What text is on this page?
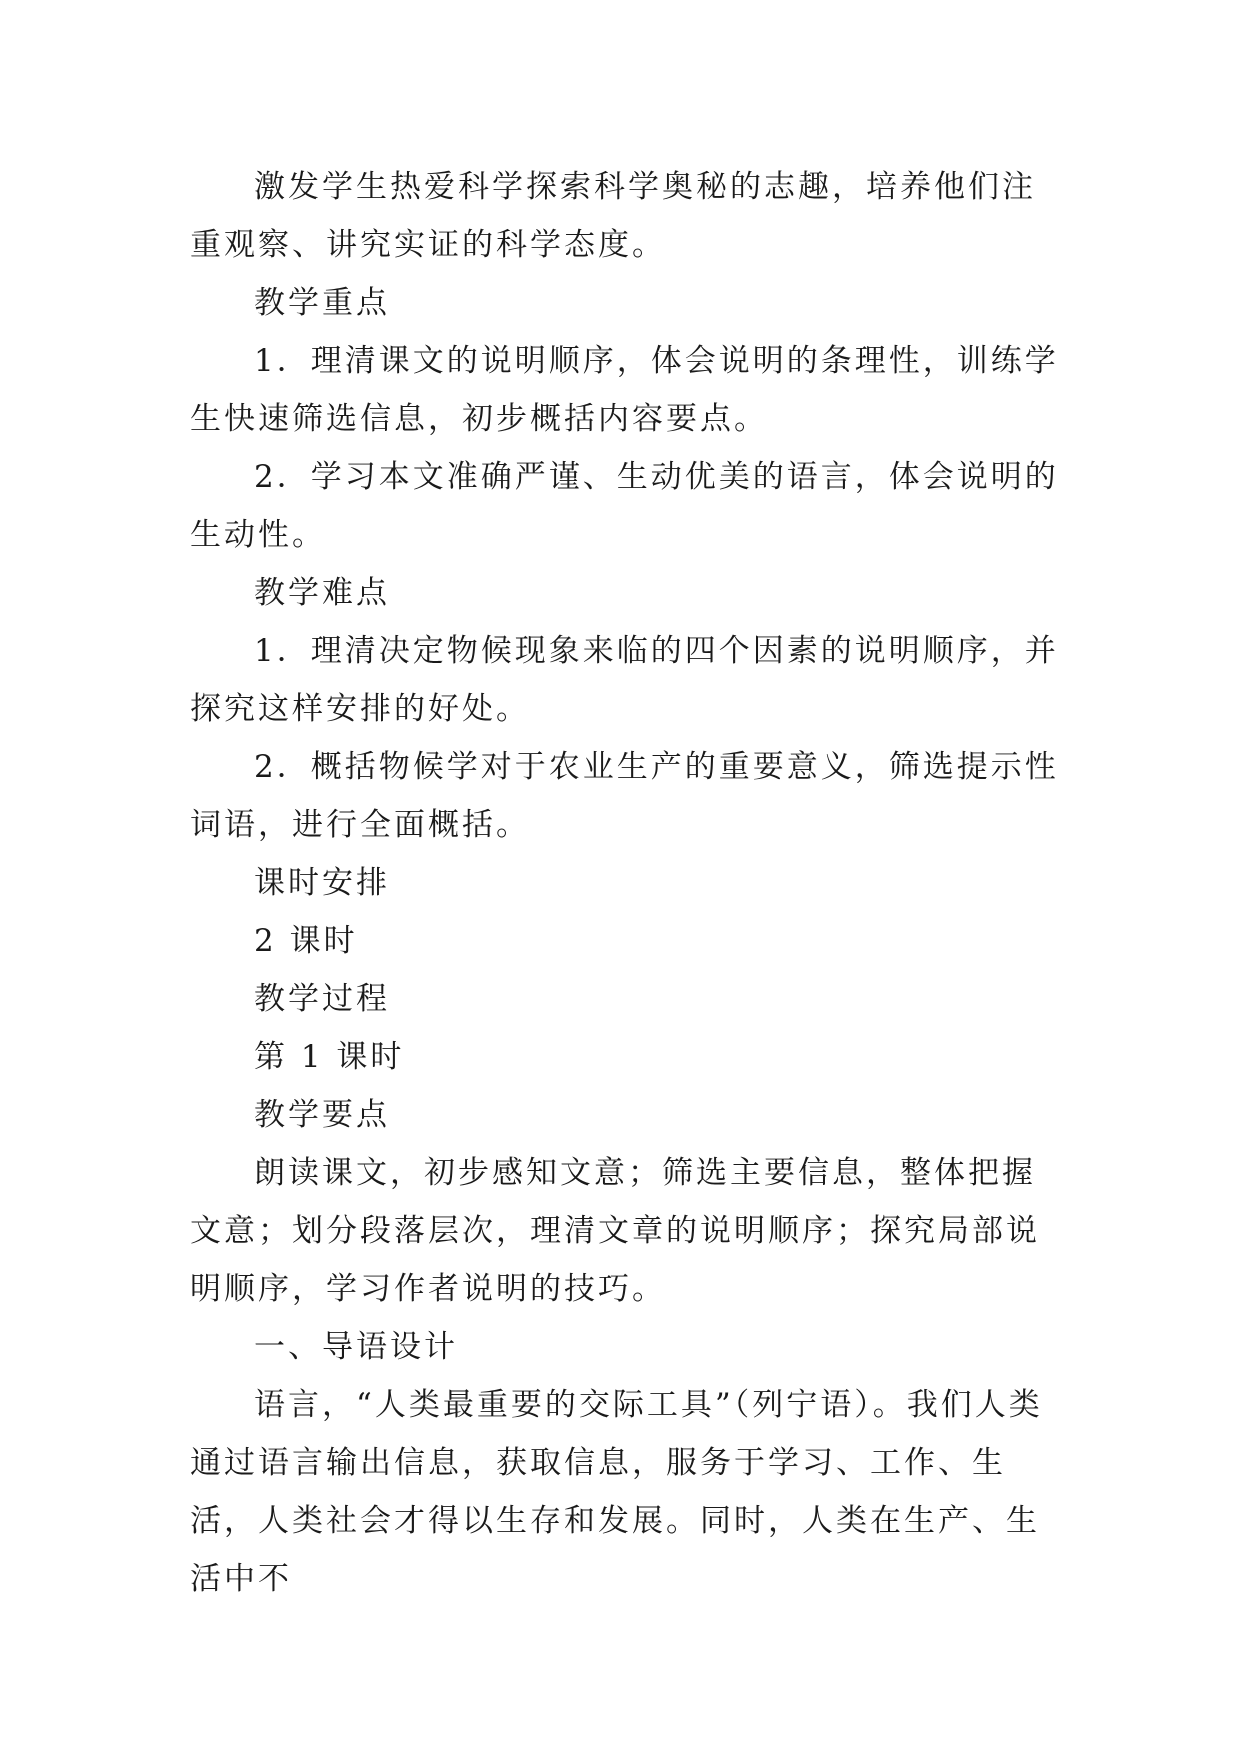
激发学生热爱科学探索科学奥秘的志趣，培养他们注重观察、讲究实证的科学态度。

教学重点

1．理清课文的说明顺序，体会说明的条理性，训练学生快速筛选信息，初步概括内容要点。

2．学习本文准确严谨、生动优美的语言，体会说明的生动性。

教学难点

1．理清决定物候现象来临的四个因素的说明顺序，并探究这样安排的好处。

2．概括物候学对于农业生产的重要意义，筛选提示性词语，进行全面概括。

课时安排

2 课时

教学过程

第 1 课时

教学要点

朗读课文，初步感知文意；筛选主要信息，整体把握文意；划分段落层次，理清文章的说明顺序；探究局部说明顺序，学习作者说明的技巧。

一、导语设计

语言，“人类最重要的交际工具”（列宁语）。我们人类通过语言输出信息，获取信息，服务于学习、工作、生活，人类社会才得以生存和发展。同时，人类在生产、生活中不
